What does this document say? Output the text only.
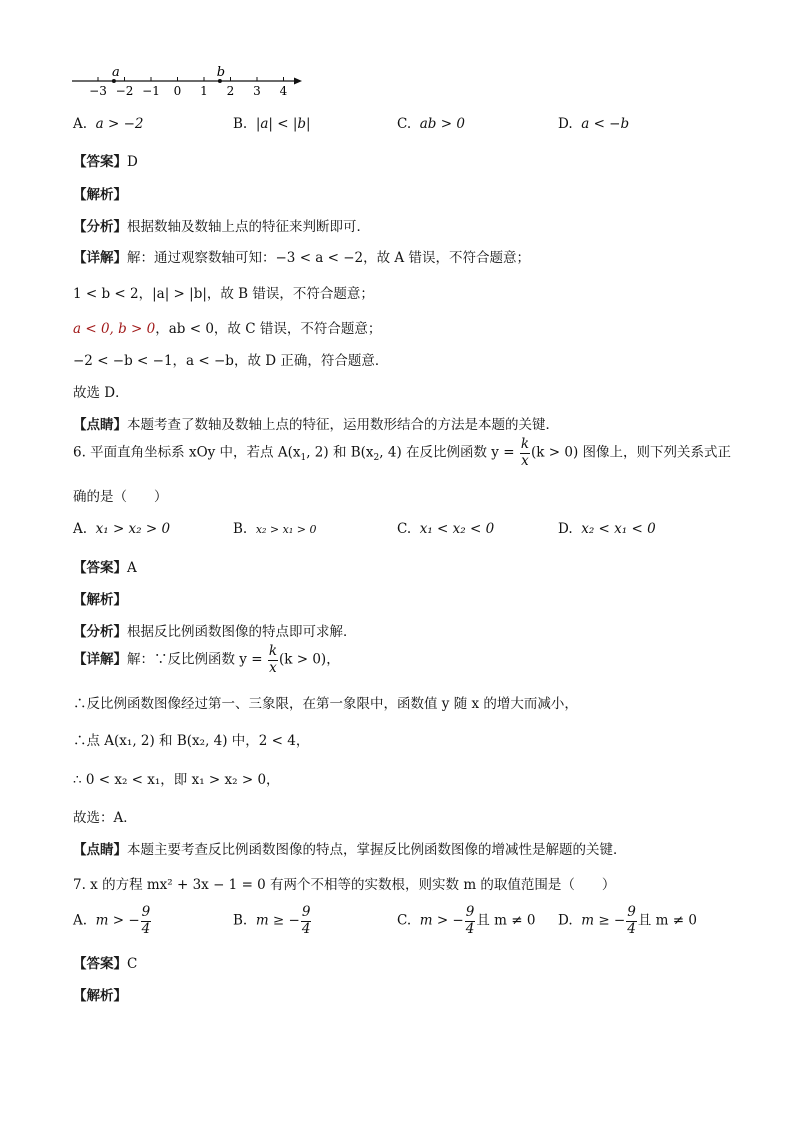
−3 −2 −1 0 1 2 3 4
a	b
A. a > −2	B. |a| < |b|	C. ab > 0	D. a < −b
【答案】D
【解析】
【分析】根据数轴及数轴上点的特征来判断即可．
【详解】解：通过观察数轴可知：−3 < a < −2，故 A 错误，不符合题意；
1 < b < 2，|a| > |b|，故 B 错误，不符合题意；
a < 0, b > 0，ab < 0，故 C 错误，不符合题意；
−2 < −b < −1，a < −b，故 D 正确，符合题意．
故选 D．
【点睛】本题考查了数轴及数轴上点的特征，运用数形结合的方法是本题的关键．
6. 平面直角坐标系 xOy 中，若点 $A(x_1$, 2) 和 $B(x_2$, 4) 在反比例函数 $y = \frac{k}{x} (k > 0)$ 图像上，则下列关系式正
确的是（　　）
A. x₁ > x₂ > 0	B. x₂ > x₁ > 0	C. x₁ < x₂ < 0	D. x₂ < x₁ < 0
【答案】A
【解析】
【分析】根据反比例函数图像的特点即可求解．
【详解】解：∵反比例函数 $y = \frac{k}{x} (k > 0)$，
∴反比例函数图像经过第一、三象限，在第一象限中，函数值 y 随 x 的增大而减小，
∴点 A(x₁, 2) 和 B(x₂, 4) 中，2 < 4，
∴ 0 < x₂ < x₁，即 x₁ > x₂ > 0，
故选：A．
【点睛】本题主要考查反比例函数图像的特点，掌握反比例函数图像的增减性是解题的关键．
7. x 的方程 mx² + 3x − 1 = 0 有两个不相等的实数根，则实数 m 的取值范围是（　　）
A. m > − $\frac{9}{4}$	B. m ≥ − $\frac{9}{4}$	C. m > − $\frac{9}{4}$ 且 m ≠ 0 D. m ≥ − $\frac{9}{4}$ 且 m ≠ 0
【答案】C
【解析】
